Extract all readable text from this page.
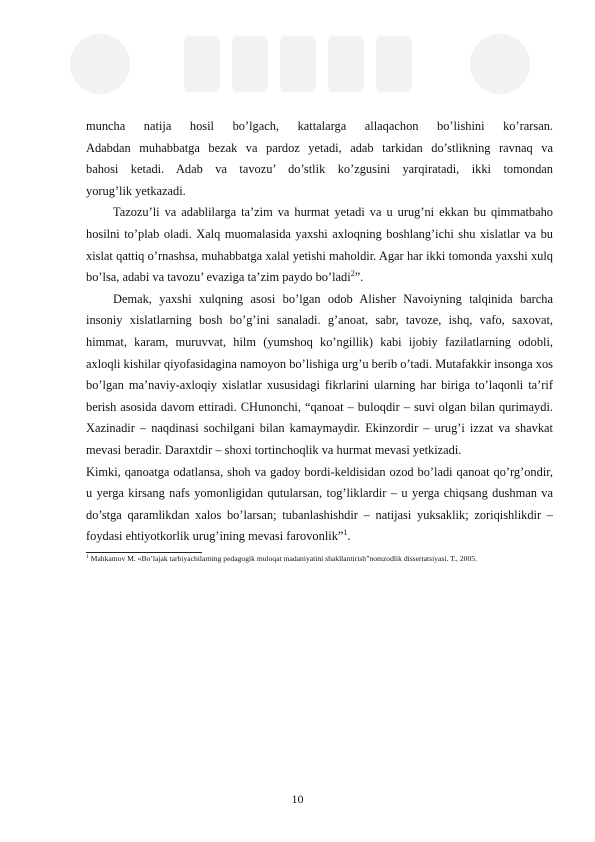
muncha natija hosil bo’lgach, kattalarga allaqachon bo’lishini ko’rarsan.

Adabdan muhabbatga bezak va pardoz yetadi, adab tarkidan do’stlikning ravnaq va

bahosi ketadi. Adab va tavozu’ do’stlik ko’zgusini yarqiratadi, ikki tomondan

yorug’lik yetkazadi.

Tazozu’li va adablilarga ta’zim va hurmat yetadi va u urug’ni ekkan bu qimmatbaho hosilni to’plab oladi. Xalq muomalasida yaxshi axloqning boshlang’ichi shu xislatlar va bu xislat qattiq o’rnashsa, muhabbatga xalal yetishi maholdir. Agar har ikki tomonda yaxshi xulq bo’lsa, adabi va tavozu’ evaziga ta’zim paydo bo’ladi$^2$”.

Demak, yaxshi xulqning asosi bo’lgan odob Alisher Navoiyning talqinida barcha insoniy xislatlarning bosh bo’g’ini sanaladi. g’anoat, sabr, tavoze, ishq, vafo, saxovat, himmat, karam, muruvvat, hilm (yumshoq ko’ngillik) kabi ijobiy fazilatlarning odobli, axloqli kishilar qiyofasidagina namoyon bo’lishiga urg’u berib o’tadi. Mutafakkir insonga xos bo’lgan ma’naviy-axloqiy xislatlar xususidagi fikrlarini ularning har biriga to’laqonli ta’rif berish asosida davom ettiradi. CHunonchi, “qanoat – buloqdir – suvi olgan bilan qurimaydi.

Xazinadir – naqdinasi sochilgani bilan kamaymaydir. Ekinzordir – urug’i izzat va shavkat mevasi beradir. Daraxtdir – shoxi tortinchoqlik va hurmat mevasi yetkizadi.

Kimki, qanoatga odatlansa, shoh va gadoy bordi-keldisidan ozod bo’ladi qanoat qo’rg’ondir, u yerga kirsang nafs yomonligidan qutularsan, tog’liklardir – u yerga chiqsang dushman va do’stga qaramlikdan xalos bo’larsan; tubanlashishdir – natijasi yuksaklik; zoriqishlikdir – foydasi ehtiyotkorlik urug’ining mevasi farovonlik”$^1$.

$^1$ Mahkamov M. «Bo’lajak tarbiyachilarning pedagogik muloqat madaniyatini shakllantirish”nomzodlik dissertatsiyasi. T., 2005.

10
